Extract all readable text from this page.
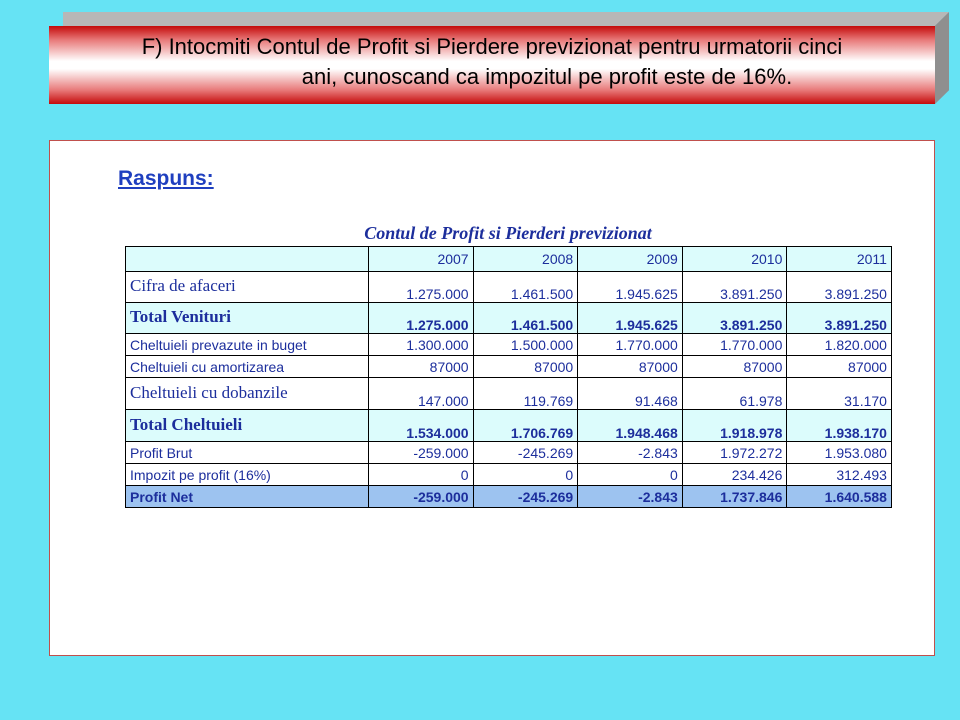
F) Intocmiti Contul de Profit si Pierdere previzionat pentru urmatorii cinci
ani, cunoscand ca impozitul pe profit este de 16%.
Raspuns:
Contul de Profit si Pierderi previzionat
	2007	2008	2009	2010	2011
Cifra de afaceri	1.275.000	1.461.500	1.945.625	3.891.250	3.891.250
Total Venituri	1.275.000	1.461.500	1.945.625	3.891.250	3.891.250
Cheltuieli prevazute in buget	1.300.000	1.500.000	1.770.000	1.770.000	1.820.000
Cheltuieli cu amortizarea	87000	87000	87000	87000	87000
Cheltuieli cu dobanzile	147.000	119.769	91.468	61.978	31.170
Total Cheltuieli	1.534.000	1.706.769	1.948.468	1.918.978	1.938.170
Profit Brut	-259.000	-245.269	-2.843	1.972.272	1.953.080
Impozit pe profit (16%)	0	0	0	234.426	312.493
Profit Net	-259.000	-245.269	-2.843	1.737.846	1.640.588
